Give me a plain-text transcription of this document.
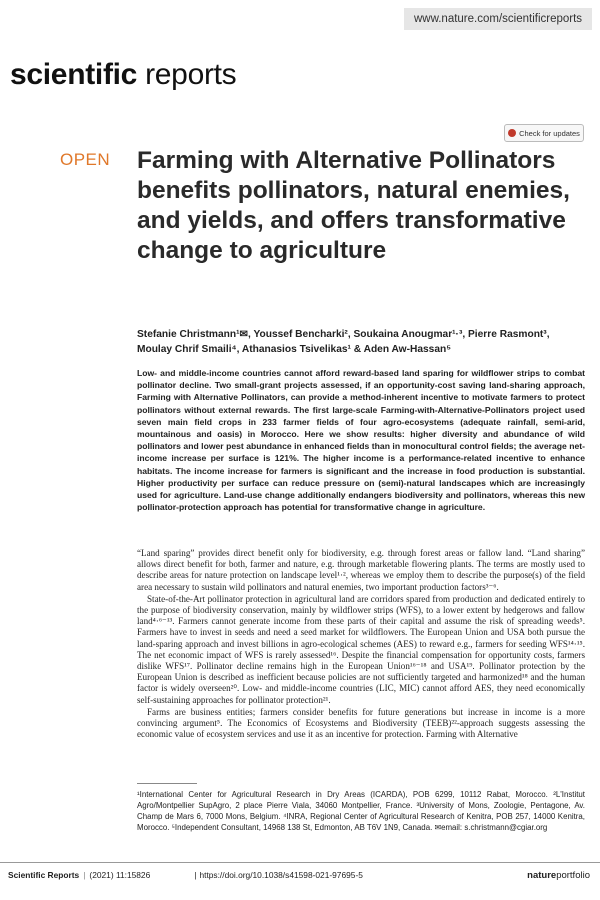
www.nature.com/scientificreports
scientific reports
Check for updates
OPEN Farming with Alternative Pollinators benefits pollinators, natural enemies, and yields, and offers transformative change to agriculture

Stefanie Christmann¹✉, Youssef Bencharki², Soukaina Anougmar¹·³, Pierre Rasmont³, Moulay Chrif Smaili⁴, Athanasios Tsivelikas¹ & Aden Aw-Hassan⁵

Low- and middle-income countries cannot afford reward-based land sparing for wildflower strips to combat pollinator decline. Two small-grant projects assessed, if an opportunity-cost saving land-sharing approach, Farming with Alternative Pollinators, can provide a method-inherent incentive to motivate farmers to protect pollinators without external rewards. The first large-scale Farming-with-Alternative-Pollinators project used seven main field crops in 233 farmer fields of four agro-ecosystems (adequate rainfall, semi-arid, mountainous and oasis) in Morocco. Here we show results: higher diversity and abundance of wild pollinators and lower pest abundance in enhanced fields than in monocultural control fields; the average net-income increase per surface is 121%. The higher income is a performance-related incentive to enhance habitats. The income increase for farmers is significant and the increase in food production is substantial. Higher productivity per surface can reduce pressure on (semi)-natural landscapes which are increasingly used for agriculture. Land-use change additionally endangers biodiversity and pollinators, whereas this new pollinator-protection approach has potential for transformative change in agriculture.

“Land sparing” provides direct benefit only for biodiversity, e.g. through forest areas or fallow land. “Land sharing” allows direct benefit for both, farmer and nature, e.g. through marketable flowering plants. The terms are mostly used to describe areas for nature protection on landscape level¹·², whereas we employ them to describe the purpose(s) of the field area necessary to sustain wild pollinators and natural enemies, two important production factors³⁻⁶.

State-of-the-Art pollinator protection in agricultural land are corridors spared from production and dedicated entirely to the purpose of biodiversity conservation, mainly by wildflower strips (WFS), to a lower extent by hedgerows and fallow land⁴·⁶⁻¹³. Farmers cannot generate income from these parts of their capital and assume the risk of spreading weeds⁵. Farmers have to invest in seeds and need a seed market for wildflowers. The European Union and USA both pursue the land-sparing approach and invest billions in agro-ecological schemes (AES) to reward e.g., farmers for seeding WFS¹⁴·¹⁵. The net economic impact of WFS is rarely assessed¹⁶. Despite the financial compensation for opportunity costs, farmers dislike WFS¹⁷. Pollinator decline remains high in the European Union¹⁶⁻¹⁸ and USA¹⁹. Pollinator protection by the European Union is described as inefficient because policies are not sufficiently targeted and harmonized¹⁸ and the human factor is widely overseen²⁰. Low- and middle-income countries (LIC, MIC) cannot afford AES, they need economically self-sustaining approaches for pollinator protection²¹.

Farms are business entities; farmers consider benefits for future generations but increase in income is a more convincing argument⁵. The Economics of Ecosystems and Biodiversity (TEEB)²²-approach suggests assessing the economic value of ecosystem services and use it as an incentive for protection. Farming with Alternative

¹International Center for Agricultural Research in Dry Areas (ICARDA), POB 6299, 10112 Rabat, Morocco. ²L'Institut Agro/Montpellier SupAgro, 2 place Pierre Viala, 34060 Montpellier, France. ³University of Mons, Zoologie, Pentagone, Av. Champ de Mars 6, 7000 Mons, Belgium. ⁴INRA, Regional Center of Agricultural Research of Kenitra, POB 257, 14000 Kenitra, Morocco. ⁵Independent Consultant, 14968 138 St, Edmonton, AB T6V 1N9, Canada. ✉email: s.christmann@cgiar.org

Scientific Reports | (2021) 11:15826	| https://doi.org/10.1038/s41598-021-97695-5	natureportfolio
